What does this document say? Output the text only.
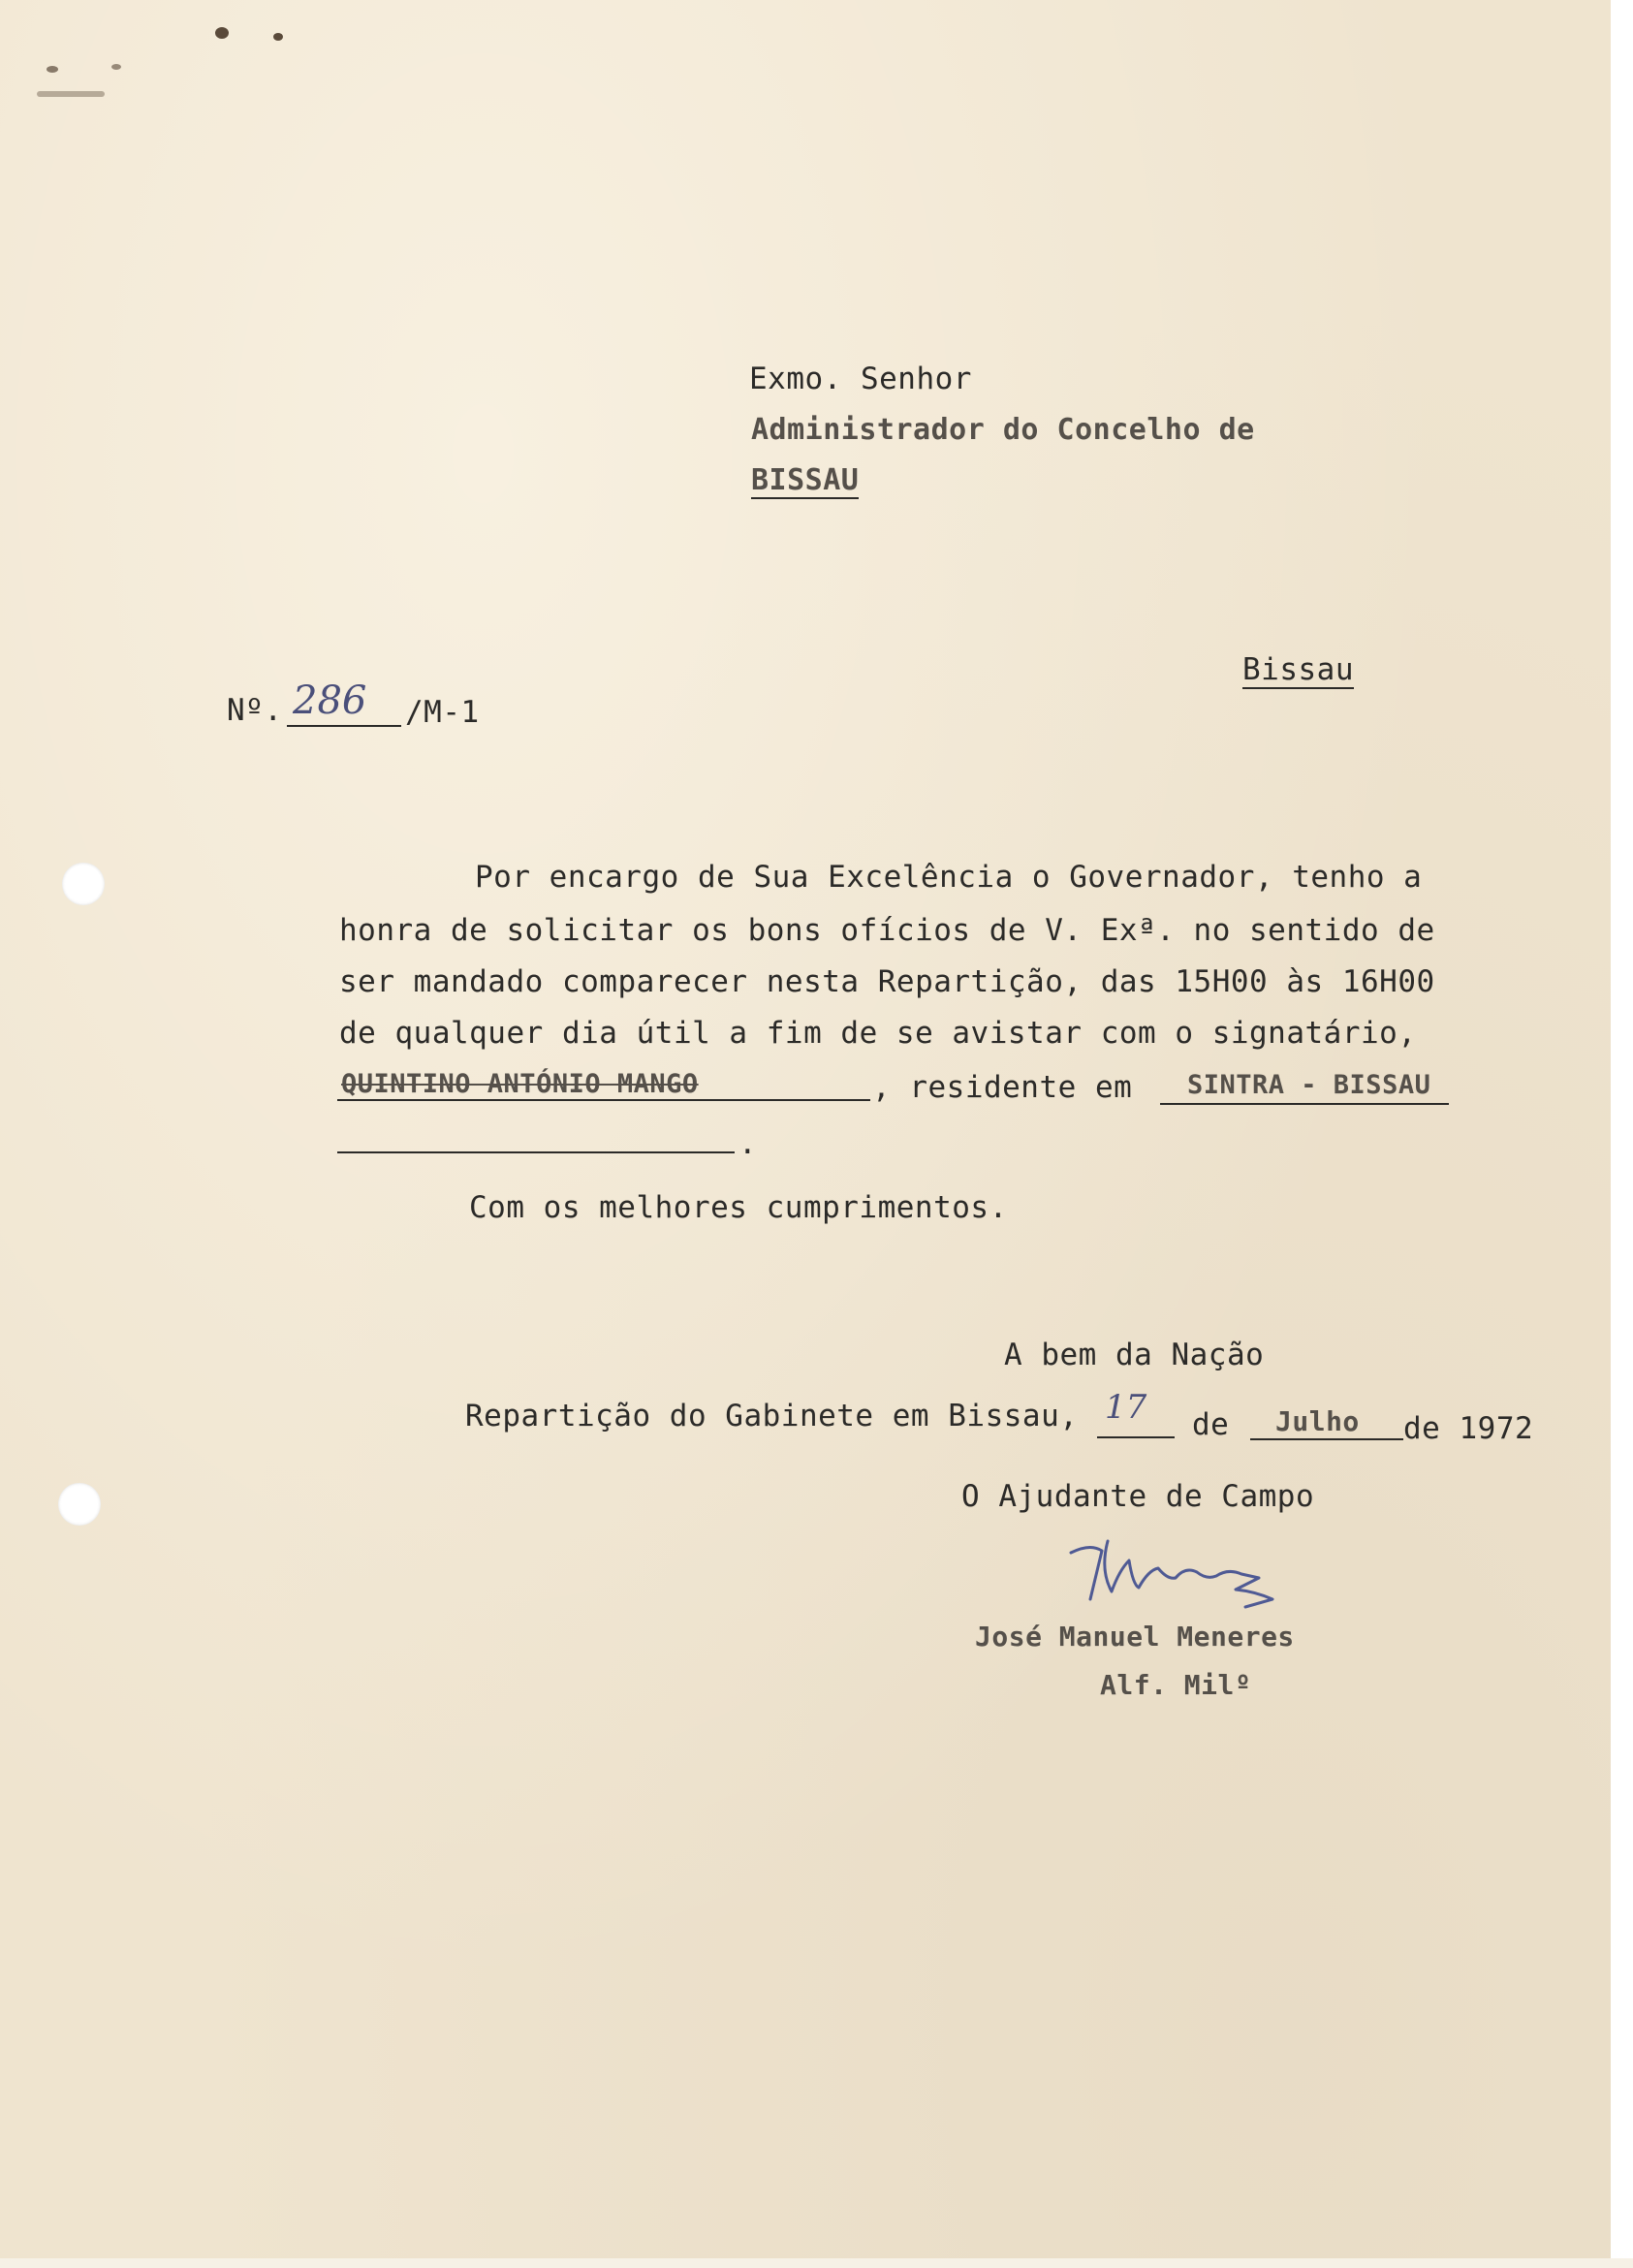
Exmo. Senhor
Administrador do Concelho de
BISSAU
Bissau
Nº. 286 /M-1
Por encargo de Sua Excelência o Governador, tenho a
honra de solicitar os bons ofícios de V. Exª. no sentido de
ser mandado comparecer nesta Repartição, das 15H00 às 16H00
de qualquer dia útil a fim de se avistar com o signatário,
QUINTINO ANTÓNIO MANGO	, residente em SINTRA - BISSAU
.
Com os melhores cumprimentos.
A bem da Nação
Repartição do Gabinete em Bissau, 17 de Julho de 1972
O Ajudante de Campo
José Manuel Meneres
Alf. Milº
